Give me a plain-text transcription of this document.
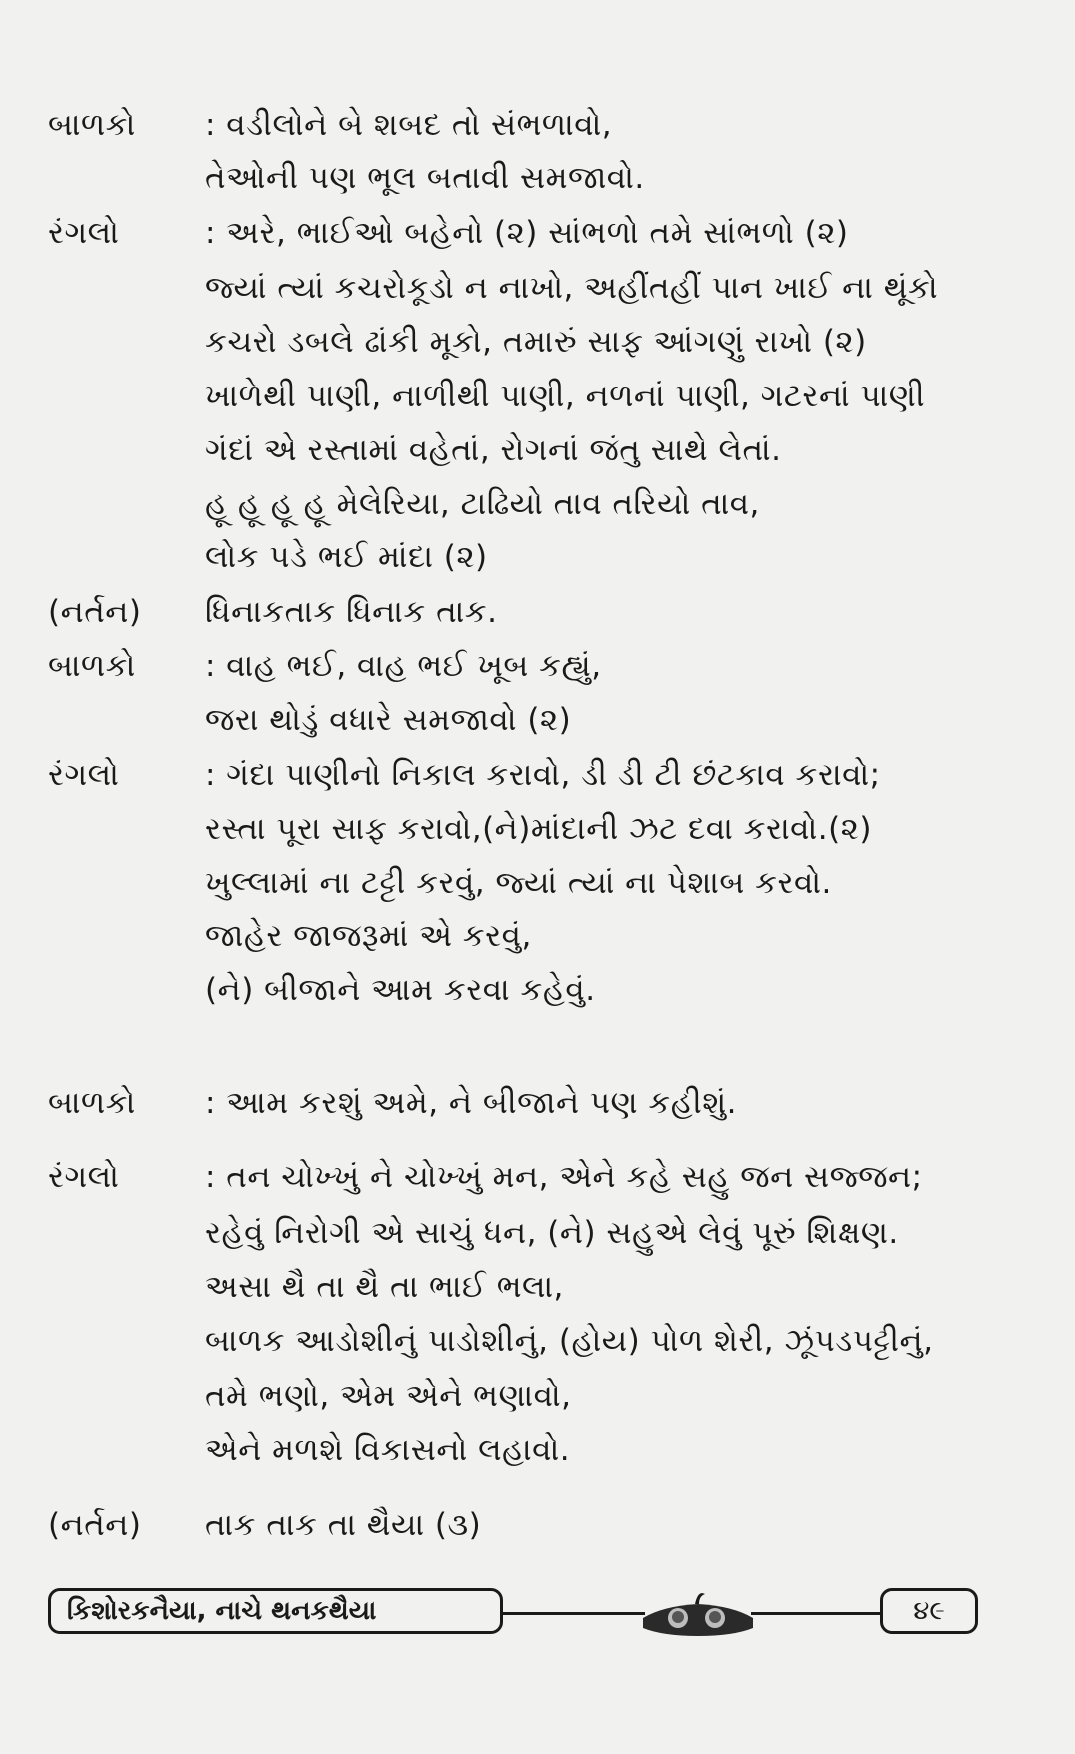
બાળકો : વડીલોને બે શબદ તો સંભળાવો,
તેઓની પણ ભૂલ બતાવી સમજાવો.
રંગલો	: અરે, ભાઈઓ બહેનો (૨) સાંભળો તમે સાંભળો (૨)
જ્યાં ત્યાં કચરોકૂડો ન નાખો, અહીંતહીં પાન ખાઈ ના થૂંકો
કચરો ડબલે ઢાંકી મૂકો, તમારું સાફ આંગણું રાખો (૨)
ખાળેથી પાણી, નાળીથી પાણી, નળનાં પાણી, ગટરનાં પાણી
ગંદાં એ રસ્તામાં વહેતાં, રોગનાં જંતુ સાથે લેતાં.
હૂ હૂ હૂ હૂ મેલેરિયા, ટાઢિયો તાવ તરિયો તાવ,
લોક પડે ભઈ માંદા (૨)
(નર્તન) ધિનાકતાક ધિનાક તાક.
બાળકો : વાહ ભઈ, વાહ ભઈ ખૂબ કહ્યું,
જરા થોડું વધારે સમજાવો (૨)
રંગલો	: ગંદા પાણીનો નિકાલ કરાવો, ડી ડી ટી છંટકાવ કરાવો;
રસ્તા પૂરા સાફ કરાવો,(ને)માંદાની ઝટ દવા કરાવો.(૨)
ખુલ્લામાં ના ટટ્ટી કરવું, જ્યાં ત્યાં ના પેશાબ કરવો.
જાહેર જાજરૂમાં એ કરવું,
(ને) બીજાને આમ કરવા કહેવું.
બાળકો : આમ કરશું અમે, ને બીજાને પણ કહીશું.
રંગલો	: તન ચોખ્ખું ને ચોખ્ખું મન, એને કહે સહુ જન સજ્જન;
રહેવું નિરોગી એ સાચું ધન, (ને) સહુએ લેવું પૂરું શિક્ષણ.
અસા થૈ તા થૈ તા ભાઈ ભલા,
બાળક આડોશીનું પાડોશીનું, (હોય) પોળ શેરી, ઝૂંપડપટ્ટીનું,
તમે ભણો, એમ એને ભણાવો,
એને મળશે વિકાસનો લહાવો.
(નર્તન) તાક તાક તા થૈયા (૩)
કિશોરકનૈયા, નાચે થનકથૈયા	૪૯
